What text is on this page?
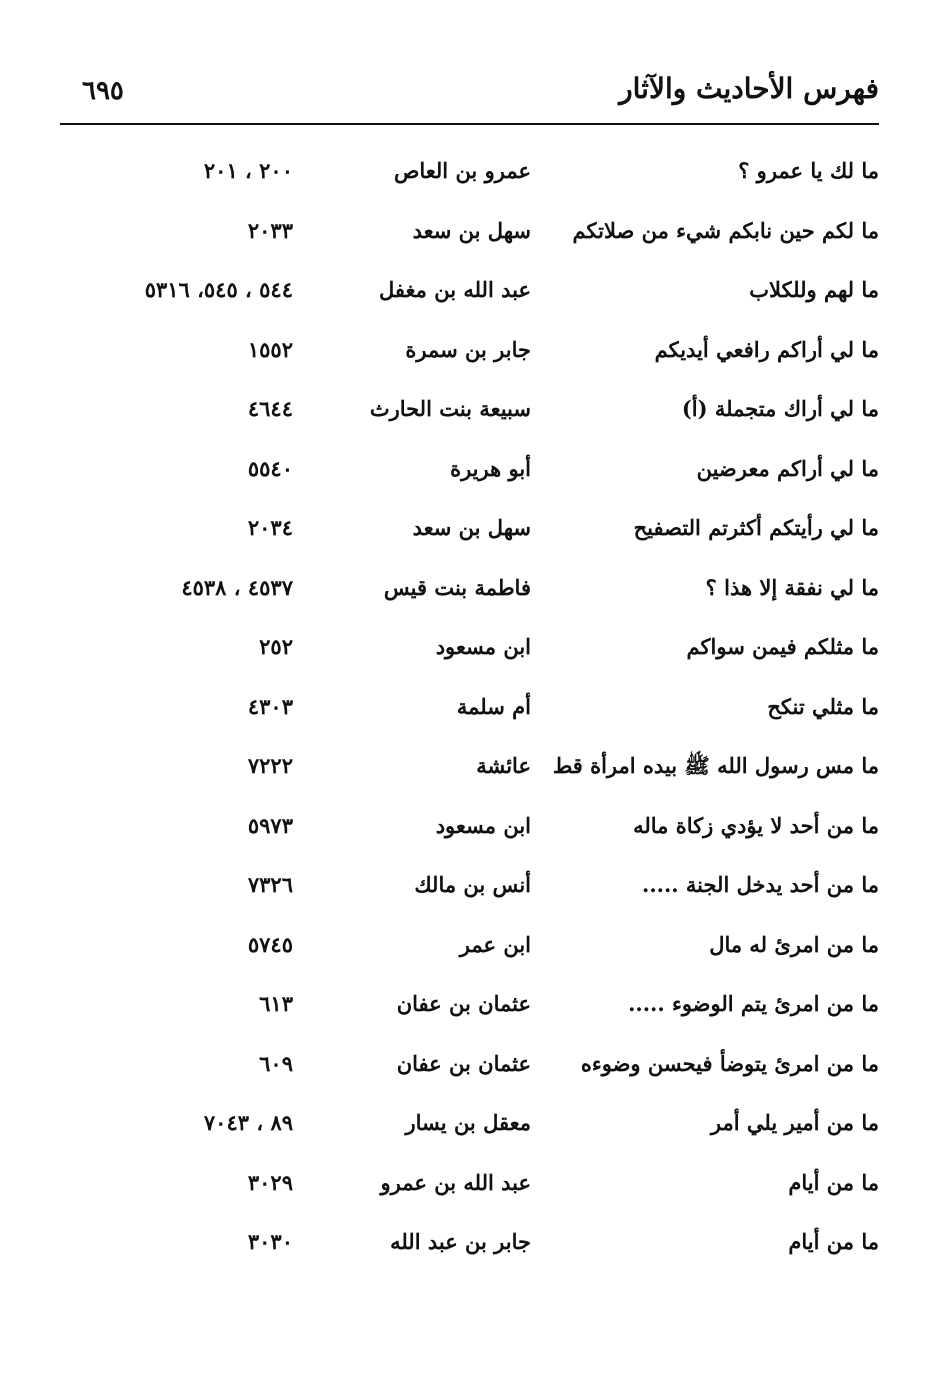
فهرس الأحاديث والآثار
٦٩٥
ما لك يا عمرو ؟
عمرو بن العاص
٢٠٠ ، ٢٠١
ما لكم حين نابكم شيء من صلاتكم
سهل بن سعد
٢٠٣٣
ما لهم وللكلاب
عبد الله بن مغفل
٥٤٤ ، ٥٤٥، ٥٣١٦
ما لي أراكم رافعي أيديكم
جابر بن سمرة
١٥٥٢
ما لي أراك متجملة (أ)
سبيعة بنت الحارث
٤٦٤٤
ما لي أراكم معرضين
أبو هريرة
٥٥٤٠
ما لي رأيتكم أكثرتم التصفيح
سهل بن سعد
٢٠٣٤
ما لي نفقة إلا هذا ؟
فاطمة بنت قيس
٤٥٣٧ ، ٤٥٣٨
ما مثلكم فيمن سواكم
ابن مسعود
٢٥٢
ما مثلي تنكح
أم سلمة
٤٣٠٣
ما مس رسول الله ﷺ بيده امرأة قط
عائشة
٧٢٢٢
ما من أحد لا يؤدي زكاة ماله
ابن مسعود
٥٩٧٣
ما من أحد يدخل الجنة .....
أنس بن مالك
٧٣٢٦
ما من امرئ له مال
ابن عمر
٥٧٤٥
ما من امرئ يتم الوضوء .....
عثمان بن عفان
٦١٣
ما من امرئ يتوضأ فيحسن وضوءه
عثمان بن عفان
٦٠٩
ما من أمير يلي أمر
معقل بن يسار
٨٩ ، ٧٠٤٣
ما من أيام
عبد الله بن عمرو
٣٠٢٩
ما من أيام
جابر بن عبد الله
٣٠٣٠
